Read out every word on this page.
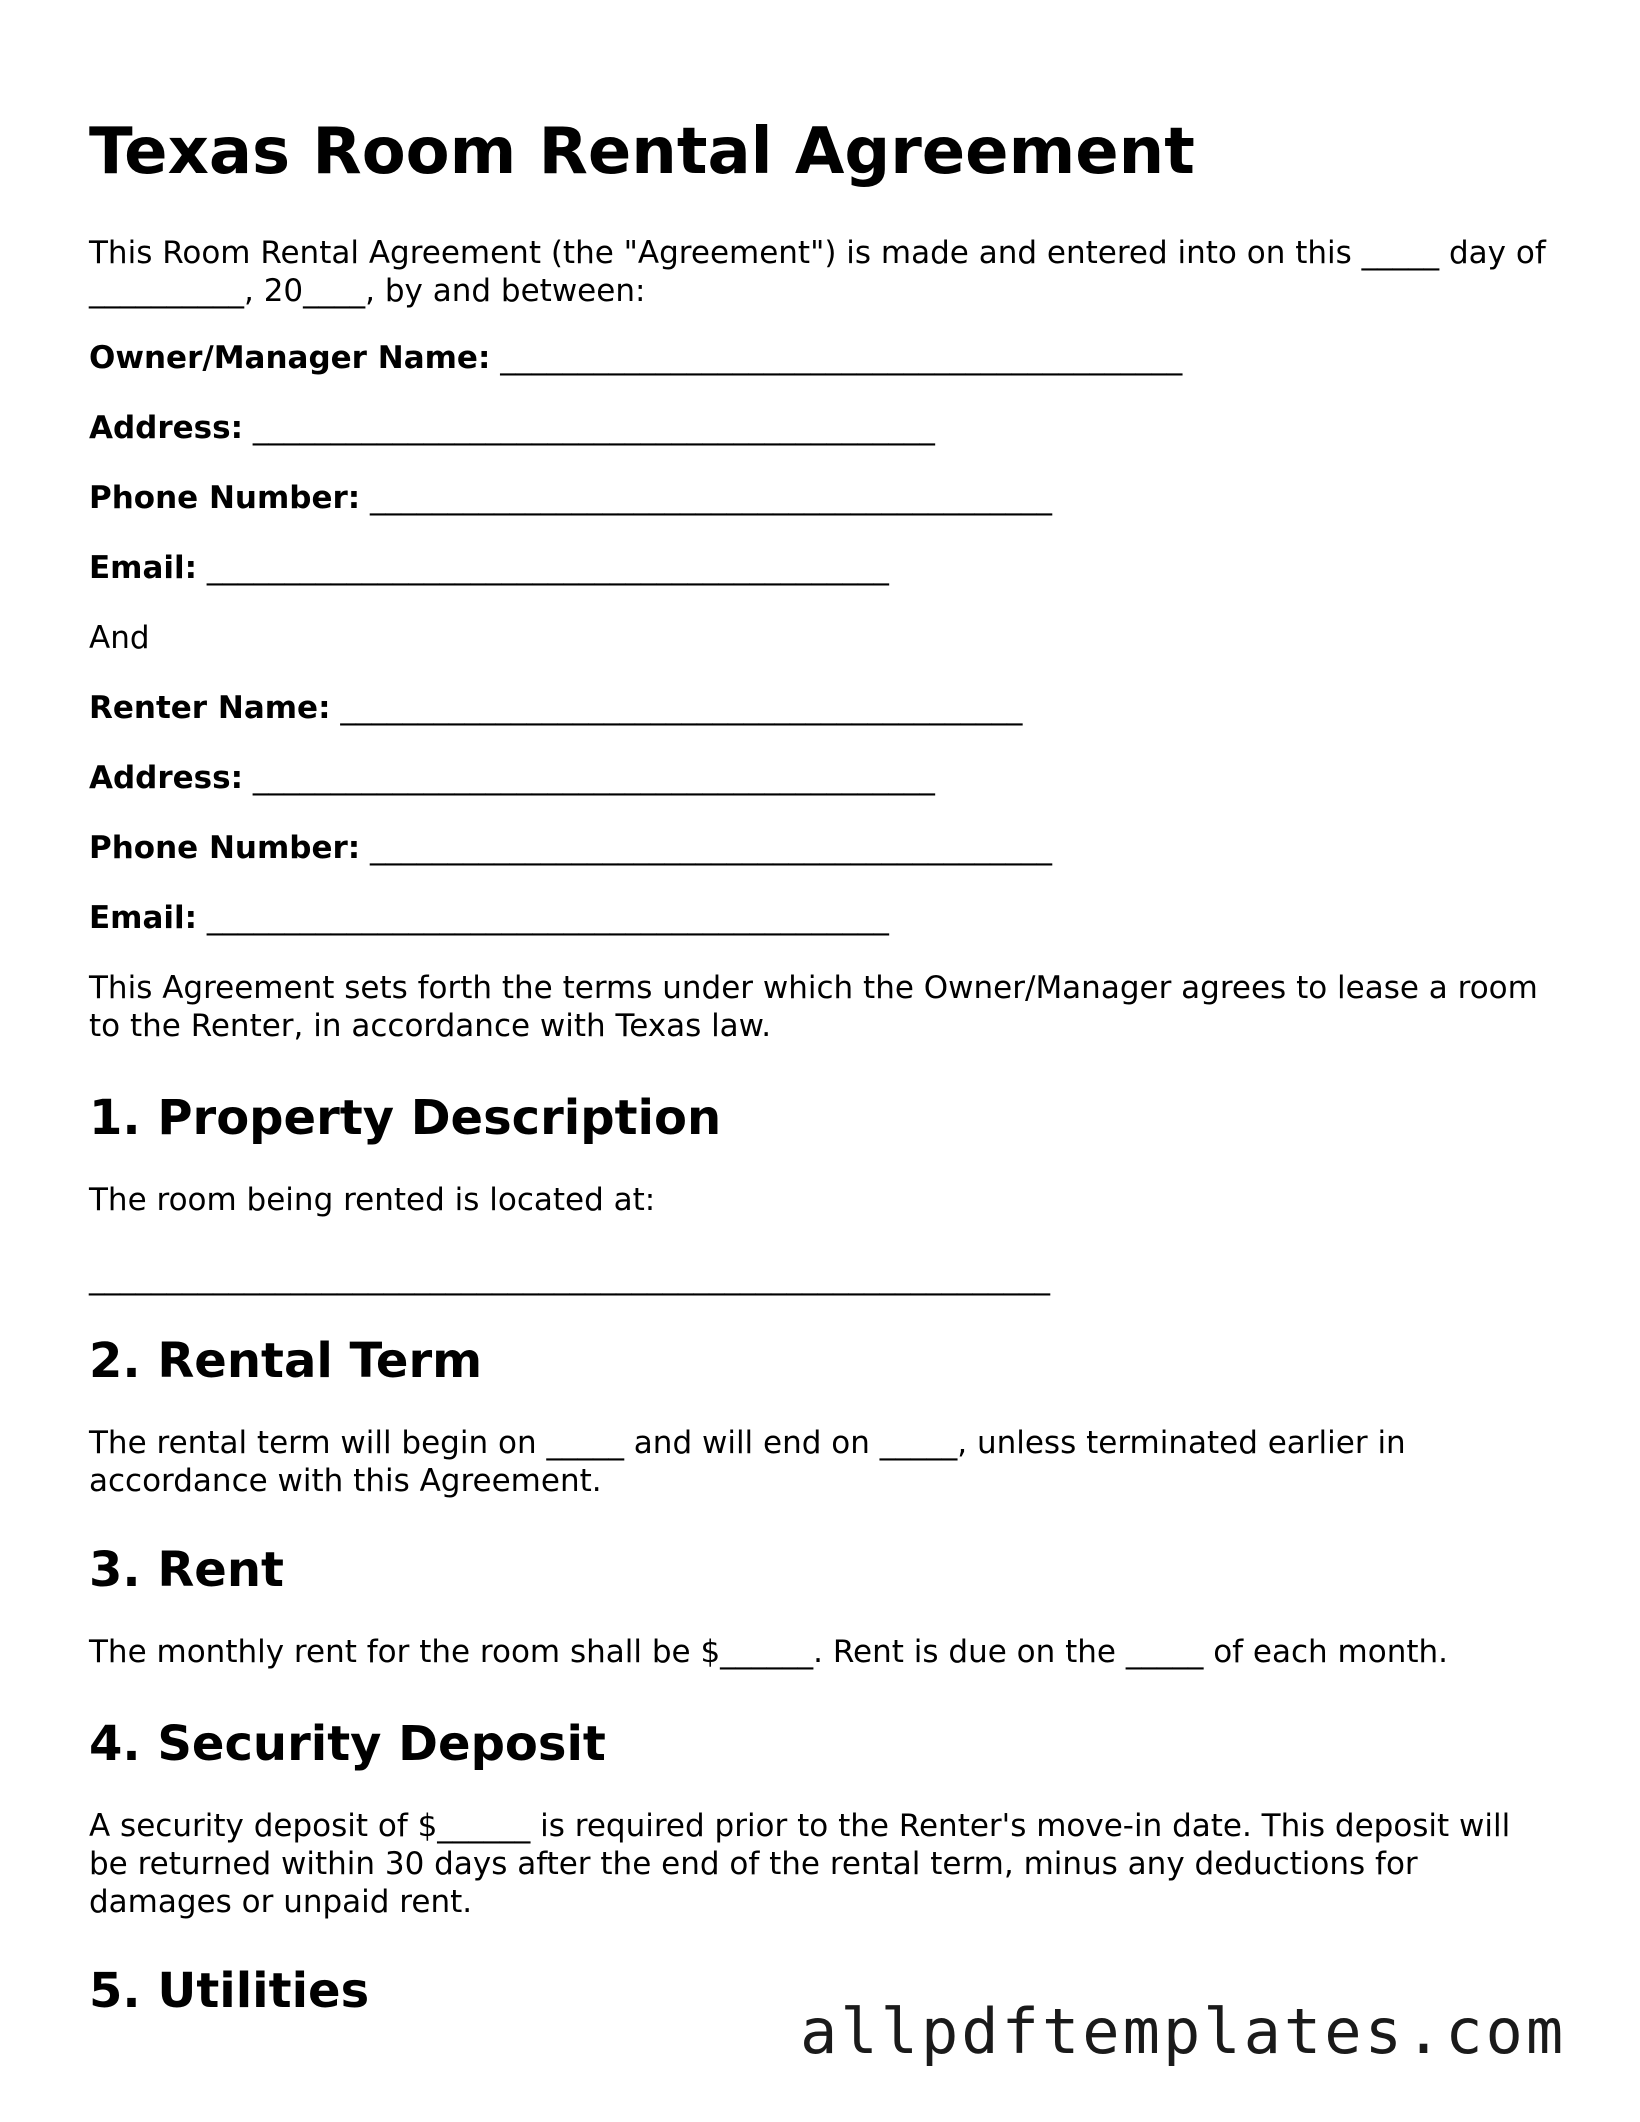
Texas Room Rental Agreement

This Room Rental Agreement (the "Agreement") is made and entered into on this _____ day of __________, 20____, by and between:

Owner/Manager Name: ____________________________________________

Address: ____________________________________________

Phone Number: ____________________________________________

Email: ____________________________________________

And

Renter Name: ____________________________________________

Address: ____________________________________________

Phone Number: ____________________________________________

Email: ____________________________________________

This Agreement sets forth the terms under which the Owner/Manager agrees to lease a room to the Renter, in accordance with Texas law.

1. Property Description

The room being rented is located at:

______________________________________________________________

2. Rental Term

The rental term will begin on _____ and will end on _____, unless terminated earlier in accordance with this Agreement.

3. Rent

The monthly rent for the room shall be $______. Rent is due on the _____ of each month.

4. Security Deposit

A security deposit of $______ is required prior to the Renter's move-in date. This deposit will be returned within 30 days after the end of the rental term, minus any deductions for damages or unpaid rent.

5. Utilities
allpdftemplates.com
